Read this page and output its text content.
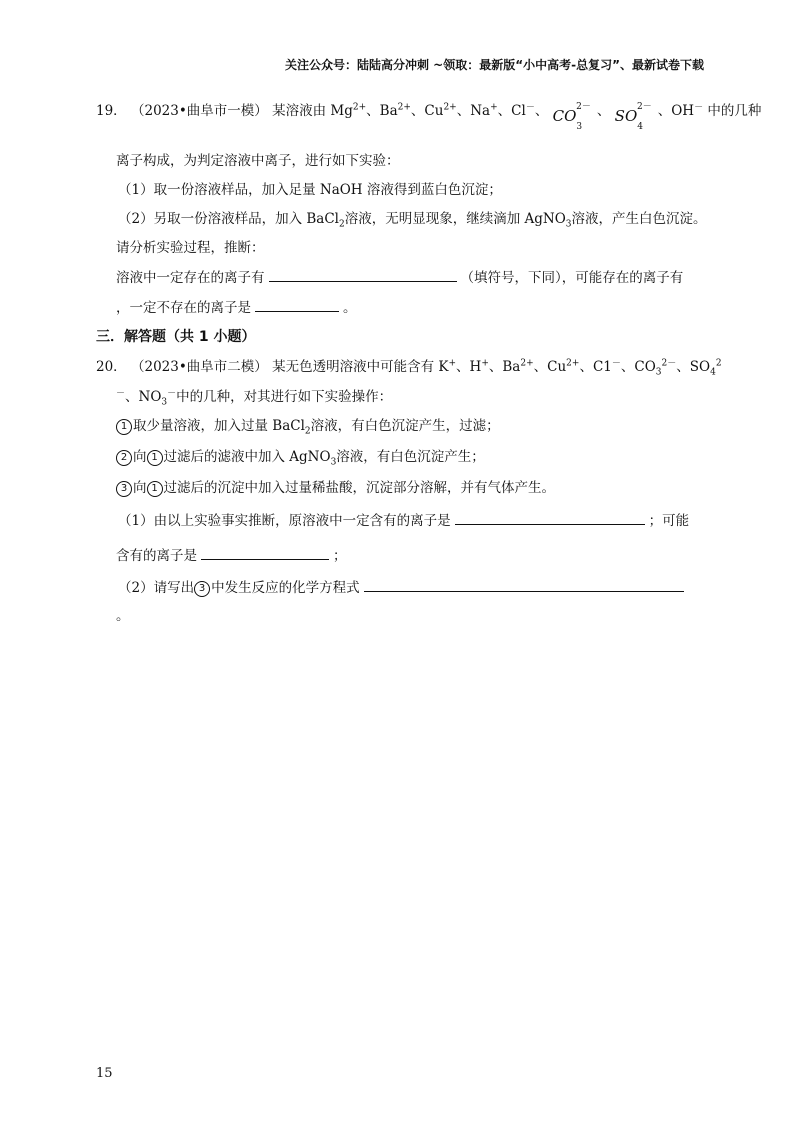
关注公众号：陆陆高分冲刺 ~领取：最新版“小中高考-总复习”、最新试卷下载
19． （2023•曲阜市一模） 某溶液由 $Mg^{2+}$、$Ba^{2+}$、$Cu^{2+}$、Na+、Cl－、 $CO_3^{2-}$ 、 $SO_4^{2-}$ 、OH－ 中的几种
离子构成，为判定溶液中离子，进行如下实验：
（1）取一份溶液样品，加入足量 NaOH 溶液得到蓝白色沉淀；
（2）另取一份溶液样品，加入 BaCl$_2$溶液，无明显现象，继续滴加 AgNO$_3$溶液，产生白色沉淀。
请分析实验过程，推断：
溶液中一定存在的离子有	（填符号，下同），可能存在的离子有
，一定不存在的离子是	。
三．解答题（共 1 小题）
20． （2023•曲阜市二模） 某无色透明溶液中可能含有 K+、H+、$Ba^{2+}$、$Cu^{2+}$、C1－、$CO_3^{2-}$、$SO_4^2$
－、$NO_3^-$中的几种，对其进行如下实验操作：
1 取少量溶液，加入过量 BaCl$_2$溶液，有白色沉淀产生，过滤；
2 向 1 过滤后的滤液中加入 AgNO$_3$溶液，有白色沉淀产生；
3 向 1 过滤后的沉淀中加入过量稀盐酸，沉淀部分溶解，并有气体产生。
（1）由以上实验事实推断，原溶液中一定含有的离子是	；可能
含有的离子是	；
（2）请写出 3 中发生反应的化学方程式
。
15
